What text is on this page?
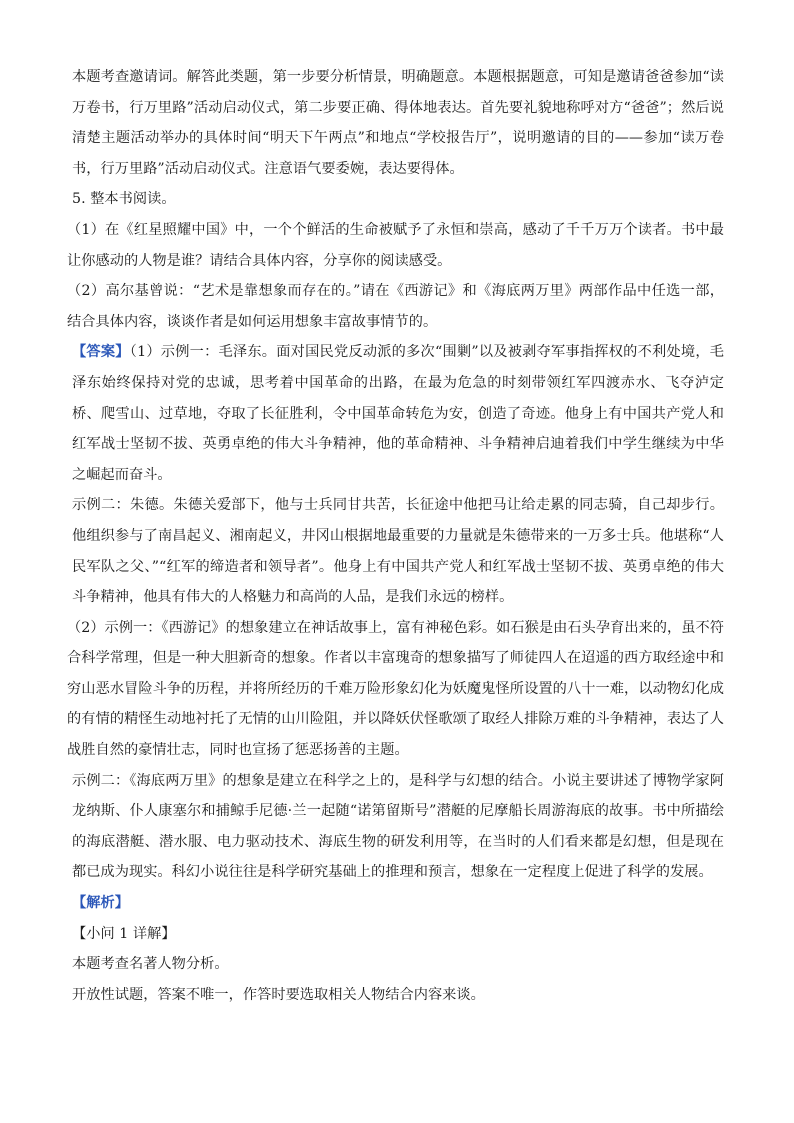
本题考查邀请词。解答此类题，第一步要分析情景，明确题意。本题根据题意，可知是邀请爸爸参加“读万卷书，行万里路”活动启动仪式，第二步要正确、得体地表达。首先要礼貌地称呼对方“爸爸”；然后说清楚主题活动举办的具体时间“明天下午两点”和地点“学校报告厅”，说明邀请的目的——参加“读万卷书，行万里路”活动启动仪式。注意语气要委婉，表达要得体。

5. 整本书阅读。

（1）在《红星照耀中国》中，一个个鲜活的生命被赋予了永恒和崇高，感动了千千万万个读者。书中最让你感动的人物是谁？请结合具体内容，分享你的阅读感受。

（2）高尔基曾说：“艺术是靠想象而存在的。”请在《西游记》和《海底两万里》两部作品中任选一部，结合具体内容，谈谈作者是如何运用想象丰富故事情节的。

【答案】（1）示例一：毛泽东。面对国民党反动派的多次“围剿”以及被剥夺军事指挥权的不利处境，毛泽东始终保持对党的忠诚，思考着中国革命的出路，在最为危急的时刻带领红军四渡赤水、飞夺泸定桥、爬雪山、过草地，夺取了长征胜利，令中国革命转危为安，创造了奇迹。他身上有中国共产党人和红军战士坚韧不拔、英勇卓绝的伟大斗争精神，他的革命精神、斗争精神启迪着我们中学生继续为中华之崛起而奋斗。

示例二：朱德。朱德关爱部下，他与士兵同甘共苦，长征途中他把马让给走累的同志骑，自己却步行。他组织参与了南昌起义、湘南起义，井冈山根据地最重要的力量就是朱德带来的一万多士兵。他堪称“人民军队之父、”“红军的缔造者和领导者”。他身上有中国共产党人和红军战士坚韧不拔、英勇卓绝的伟大斗争精神，他具有伟大的人格魅力和高尚的人品，是我们永远的榜样。

（2）示例一：《西游记》的想象建立在神话故事上，富有神秘色彩。如石猴是由石头孕育出来的，虽不符合科学常理，但是一种大胆新奇的想象。作者以丰富瑰奇的想象描写了师徒四人在迢遥的西方取经途中和穷山恶水冒险斗争的历程，并将所经历的千难万险形象幻化为妖魔鬼怪所设置的八十一难，以动物幻化成的有情的精怪生动地衬托了无情的山川险阻，并以降妖伏怪歌颂了取经人排除万难的斗争精神，表达了人战胜自然的豪情壮志，同时也宣扬了惩恶扬善的主题。

示例二：《海底两万里》的想象是建立在科学之上的，是科学与幻想的结合。小说主要讲述了博物学家阿龙纳斯、仆人康塞尔和捕鲸手尼德·兰一起随“诺第留斯号”潜艇的尼摩船长周游海底的故事。书中所描绘的海底潜艇、潜水服、电力驱动技术、海底生物的研发利用等，在当时的人们看来都是幻想，但是现在都已成为现实。科幻小说往往是科学研究基础上的推理和预言，想象在一定程度上促进了科学的发展。

【解析】

【小问 1 详解】

本题考查名著人物分析。

开放性试题，答案不唯一，作答时要选取相关人物结合内容来谈。
